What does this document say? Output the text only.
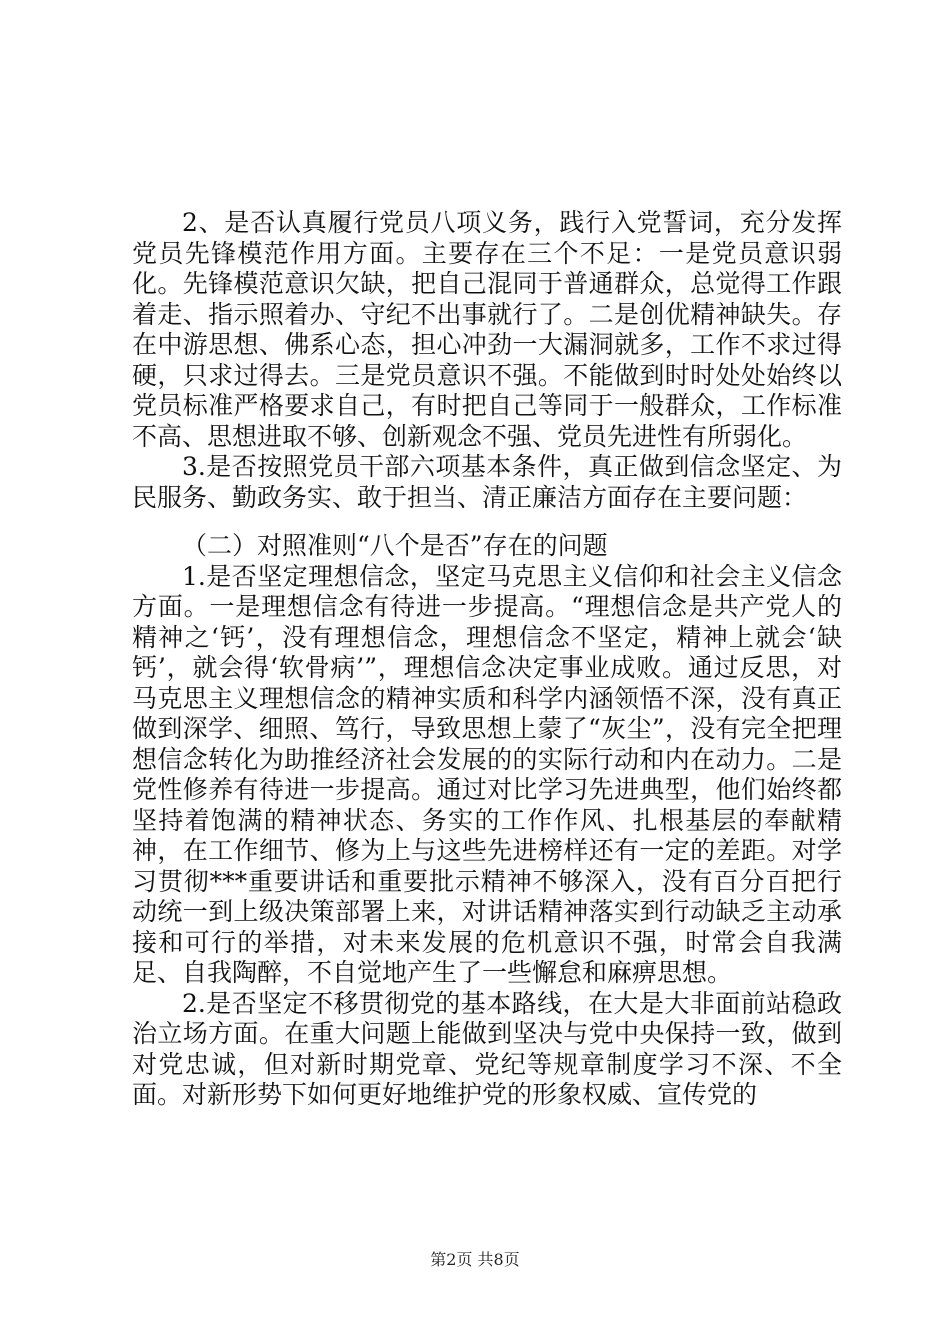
2、是否认真履行党员八项义务，践行入党誓词，充分发挥党员先锋模范作用方面。主要存在三个不足：一是党员意识弱化。先锋模范意识欠缺，把自己混同于普通群众，总觉得工作跟着走、指示照着办、守纪不出事就行了。二是创优精神缺失。存在中游思想、佛系心态，担心冲劲一大漏洞就多，工作不求过得硬，只求过得去。三是党员意识不强。不能做到时时处处始终以党员标准严格要求自己，有时把自己等同于一般群众，工作标准不高、思想进取不够、创新观念不强、党员先进性有所弱化。

3.是否按照党员干部六项基本条件，真正做到信念坚定、为民服务、勤政务实、敢于担当、清正廉洁方面存在主要问题：

（二）对照准则“八个是否”存在的问题

1.是否坚定理想信念，坚定马克思主义信仰和社会主义信念方面。一是理想信念有待进一步提高。“理想信念是共产党人的精神之‘钙’，没有理想信念，理想信念不坚定，精神上就会‘缺钙’，就会得‘软骨病’”，理想信念决定事业成败。通过反思，对马克思主义理想信念的精神实质和科学内涵领悟不深，没有真正做到深学、细照、笃行，导致思想上蒙了“灰尘”，没有完全把理想信念转化为助推经济社会发展的的实际行动和内在动力。二是党性修养有待进一步提高。通过对比学习先进典型，他们始终都坚持着饱满的精神状态、务实的工作作风、扎根基层的奉献精神，在工作细节、修为上与这些先进榜样还有一定的差距。对学习贯彻***重要讲话和重要批示精神不够深入，没有百分百把行动统一到上级决策部署上来，对讲话精神落实到行动缺乏主动承接和可行的举措，对未来发展的危机意识不强，时常会自我满足、自我陶醉，不自觉地产生了一些懈怠和麻痹思想。

2.是否坚定不移贯彻党的基本路线，在大是大非面前站稳政治立场方面。在重大问题上能做到坚决与党中央保持一致，做到对党忠诚，但对新时期党章、党纪等规章制度学习不深、不全面。对新形势下如何更好地维护党的形象权威、宣传党的

第2页 共8页
